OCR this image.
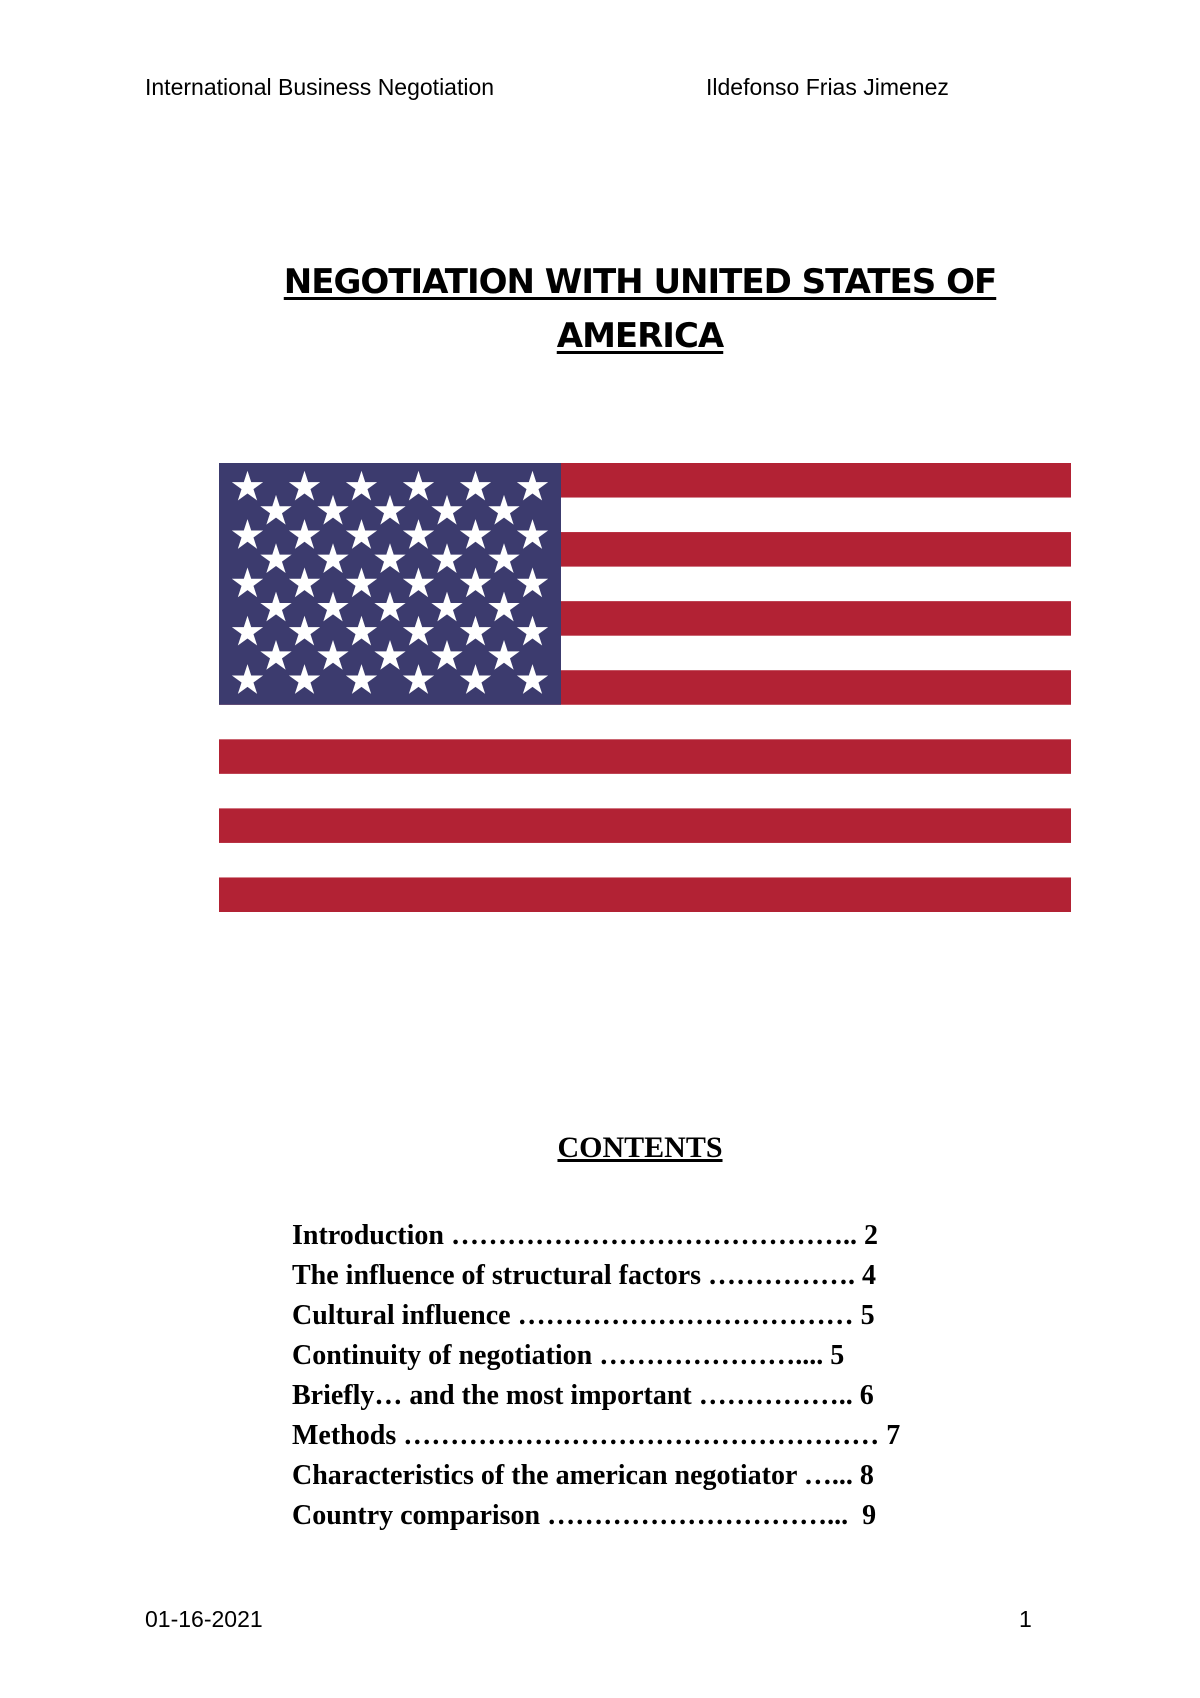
International Business Negotiation	Ildefonso Frias Jimenez
NEGOTIATION WITH UNITED STATES OF
AMERICA
CONTENTS
Introduction …………………………………….. 2
The influence of structural factors ……………. 4
Cultural influence ……………………………… 5
Continuity of negotiation ………………….... 5
Briefly… and the most important …………….. 6
Methods …………………………………………… 7
Characteristics of the american negotiator …... 8
Country comparison …………………………...  9
01-16-2021	1
